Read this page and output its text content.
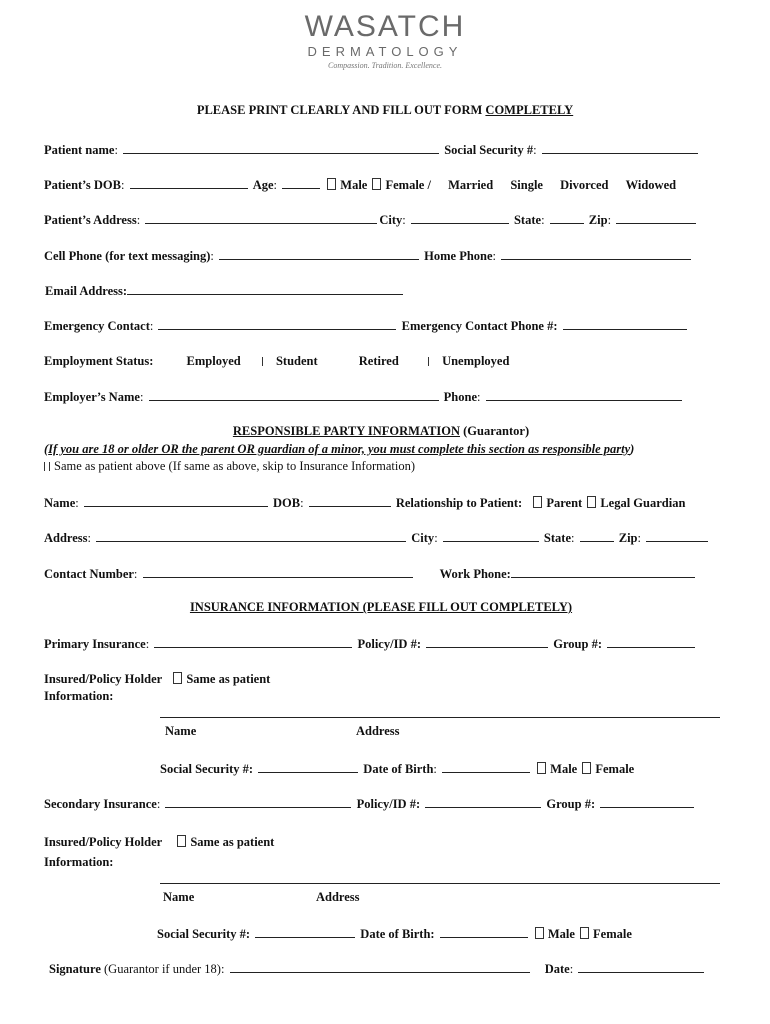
WASATCH
DERMATOLOGY
Compassion. Tradition. Excellence.
PLEASE PRINT CLEARLY AND FILL OUT FORM COMPLETELY
Patient name:	Social Security #:
Patient’s DOB:	Age:	Male Female / Married Single Divorced Widowed
Patient’s Address:	City:	State:	Zip:
Cell Phone (for text messaging):	Home Phone:
Email Address:
Emergency Contact:	Emergency Contact Phone #:
Employment Status:	Employed	Student	Retired	Unemployed
Employer’s Name:	Phone:
RESPONSIBLE PARTY INFORMATION (Guarantor)
(If you are 18 or older OR the parent OR guardian of a minor, you must complete this section as responsible party)
Same as patient above (If same as above, skip to Insurance Information)
Name:	DOB:	Relationship to Patient: Parent Legal Guardian
Address:	City:	State:	Zip:
Contact Number:	Work Phone:
INSURANCE INFORMATION (PLEASE FILL OUT COMPLETELY)
Primary Insurance:	Policy/ID #:	Group #:
Insured/Policy Holder Same as patient
Information:
Name	Address
Social Security #:	Date of Birth:	Male Female
Secondary Insurance:	Policy/ID #:	Group #:
Insured/Policy Holder Same as patient
Information:
Name	Address
Social Security #:	Date of Birth:	Male Female
Signature (Guarantor if under 18):	Date:
